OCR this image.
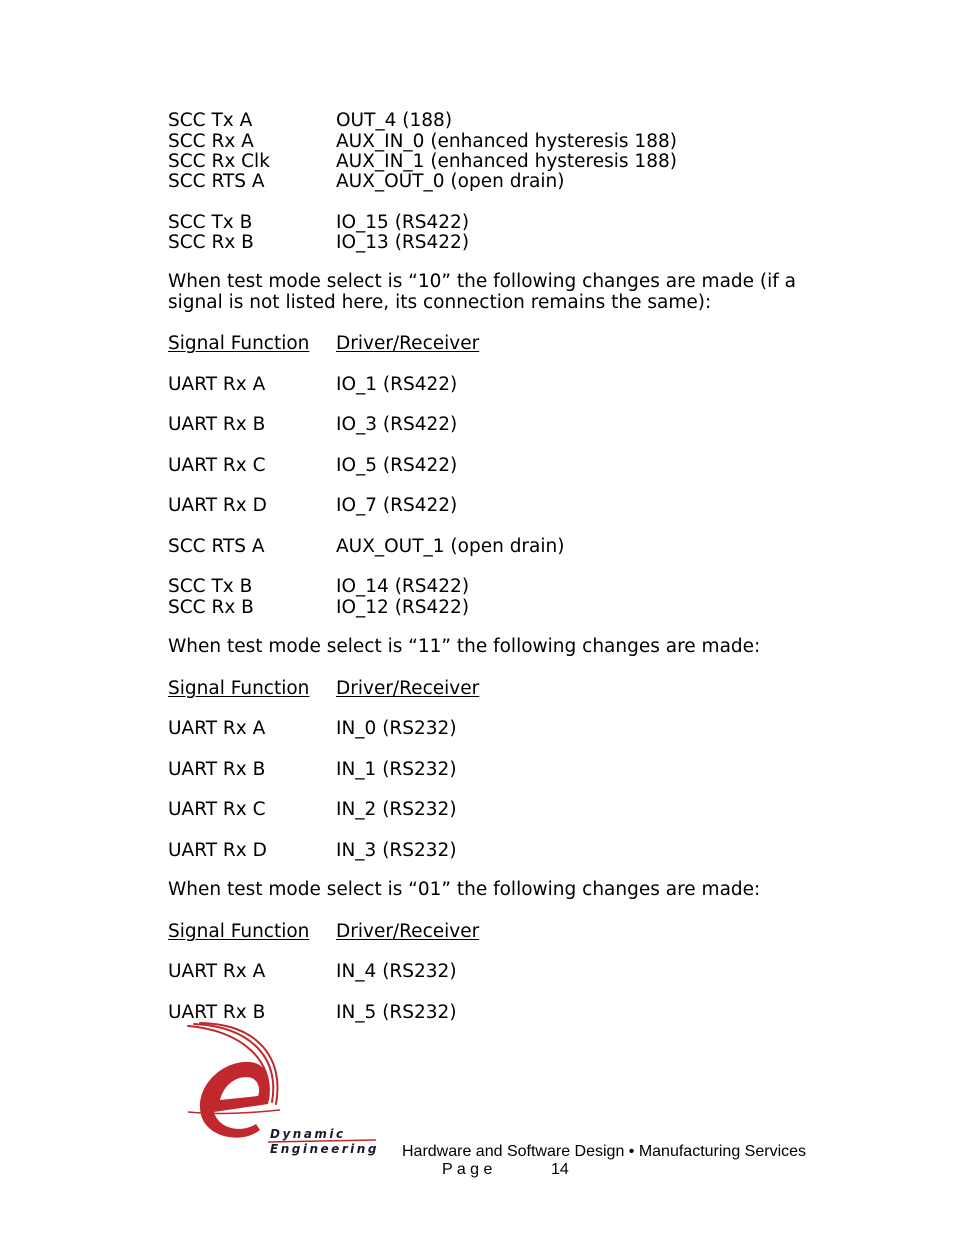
SCC Tx A	OUT_4 (188)
SCC Rx A	AUX_IN_0 (enhanced hysteresis 188)
SCC Rx Clk	AUX_IN_1 (enhanced hysteresis 188)
SCC RTS A	AUX_OUT_0 (open drain)
SCC Tx B	IO_15 (RS422)
SCC Rx B	IO_13 (RS422)
When test mode select is “10” the following changes are made (if a signal is not listed here, its connection remains the same):
Signal Function Driver/Receiver
UART Rx A	IO_1 (RS422)
UART Rx B	IO_3 (RS422)
UART Rx C	IO_5 (RS422)
UART Rx D	IO_7 (RS422)
SCC RTS A	AUX_OUT_1 (open drain)
SCC Tx B	IO_14 (RS422)
SCC Rx B	IO_12 (RS422)
When test mode select is “11” the following changes are made:
Signal Function Driver/Receiver
UART Rx A	IN_0 (RS232)
UART Rx B	IN_1 (RS232)
UART Rx C	IN_2 (RS232)
UART Rx D	IN_3 (RS232)
When test mode select is “01” the following changes are made:
Signal Function Driver/Receiver
UART Rx A	IN_4 (RS232)
UART Rx B	IN_5 (RS232)
Dynamic
Engineering Hardware and Software Design • Manufacturing Services
P a g e	14
